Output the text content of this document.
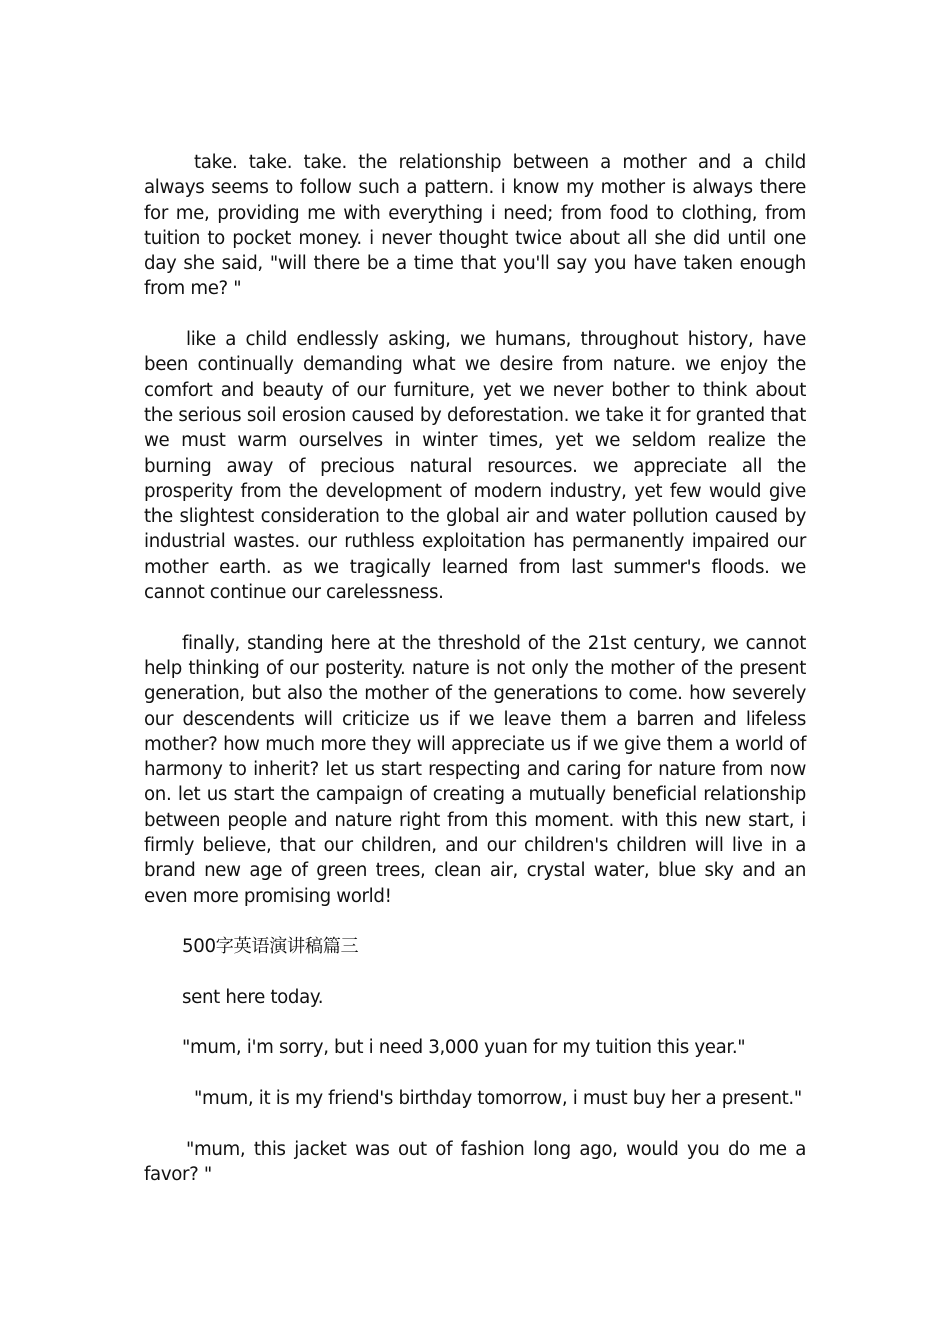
take. take. take. the relationship between a mother and a child always seems to follow such a pattern. i know my mother is always there for me, providing me with everything i need; from food to clothing, from tuition to pocket money. i never thought twice about all she did until one day she said, "will there be a time that you'll say you have taken enough from me? "

like a child endlessly asking, we humans, throughout history, have been continually demanding what we desire from nature. we enjoy the comfort and beauty of our furniture, yet we never bother to think about the serious soil erosion caused by deforestation. we take it for granted that we must warm ourselves in winter times, yet we seldom realize the burning away of precious natural resources. we appreciate all the prosperity from the development of modern industry, yet few would give the slightest consideration to the global air and water pollution caused by industrial wastes. our ruthless exploitation has permanently impaired our mother earth. as we tragically learned from last summer's floods. we cannot continue our carelessness.

finally, standing here at the threshold of the 21st century, we cannot help thinking of our posterity. nature is not only the mother of the present generation, but also the mother of the generations to come. how severely our descendents will criticize us if we leave them a barren and lifeless mother? how much more they will appreciate us if we give them a world of harmony to inherit? let us start respecting and caring for nature from now on. let us start the campaign of creating a mutually beneficial relationship between people and nature right from this moment. with this new start, i firmly believe, that our children, and our children's children will live in a brand new age of green trees, clean air, crystal water, blue sky and an even more promising world!

500字英语演讲稿篇三

sent here today.

"mum, i'm sorry, but i need 3,000 yuan for my tuition this year."

"mum, it is my friend's birthday tomorrow, i must buy her a present."

"mum, this jacket was out of fashion long ago, would you do me a favor? "
